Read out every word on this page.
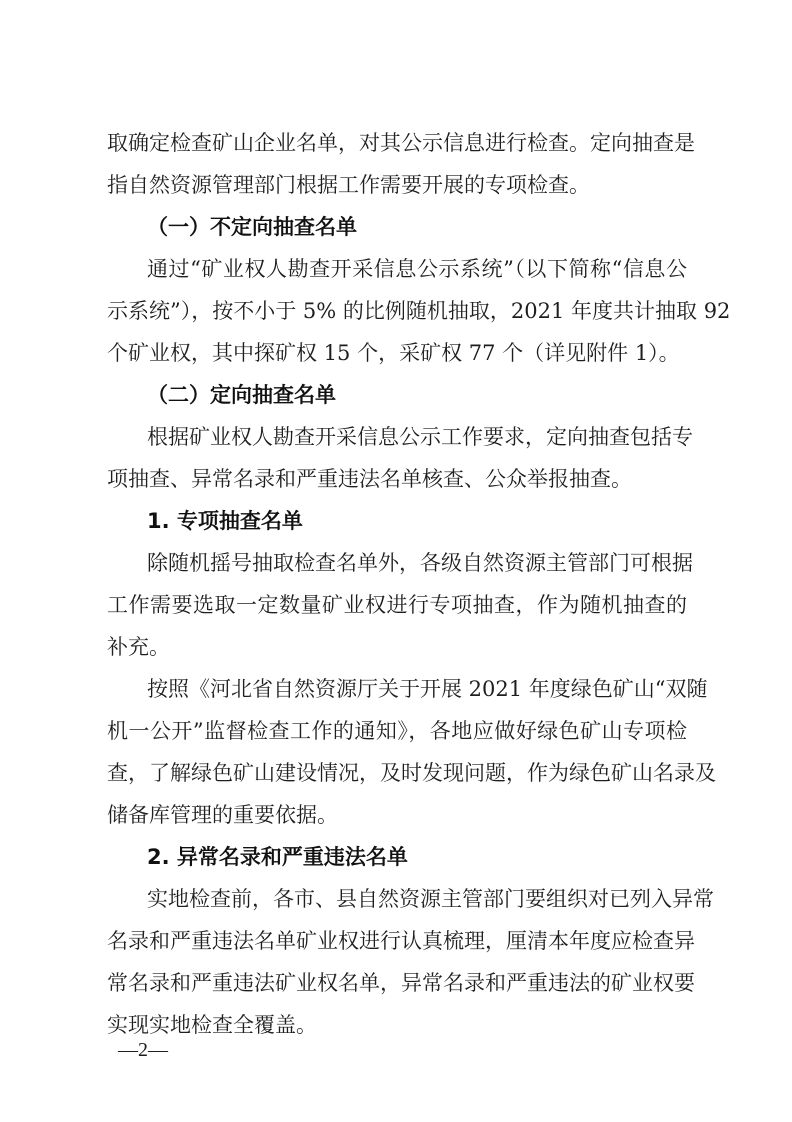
取确定检查矿山企业名单，对其公示信息进行检查。定向抽查是

指自然资源管理部门根据工作需要开展的专项检查。

（一）不定向抽查名单

通过“矿业权人勘查开采信息公示系统”（以下简称“信息公

示系统”），按不小于 5% 的比例随机抽取，2021 年度共计抽取 92

个矿业权，其中探矿权 15 个，采矿权 77 个（详见附件 1）。

（二）定向抽查名单

根据矿业权人勘查开采信息公示工作要求，定向抽查包括专

项抽查、异常名录和严重违法名单核查、公众举报抽查。

1. 专项抽查名单

除随机摇号抽取检查名单外，各级自然资源主管部门可根据

工作需要选取一定数量矿业权进行专项抽查，作为随机抽查的

补充。

按照《河北省自然资源厅关于开展 2021 年度绿色矿山“双随

机一公开”监督检查工作的通知》，各地应做好绿色矿山专项检

查，了解绿色矿山建设情况，及时发现问题，作为绿色矿山名录及

储备库管理的重要依据。

2. 异常名录和严重违法名单

实地检查前，各市、县自然资源主管部门要组织对已列入异常

名录和严重违法名单矿业权进行认真梳理，厘清本年度应检查异

常名录和严重违法矿业权名单，异常名录和严重违法的矿业权要

实现实地检查全覆盖。

—2—
